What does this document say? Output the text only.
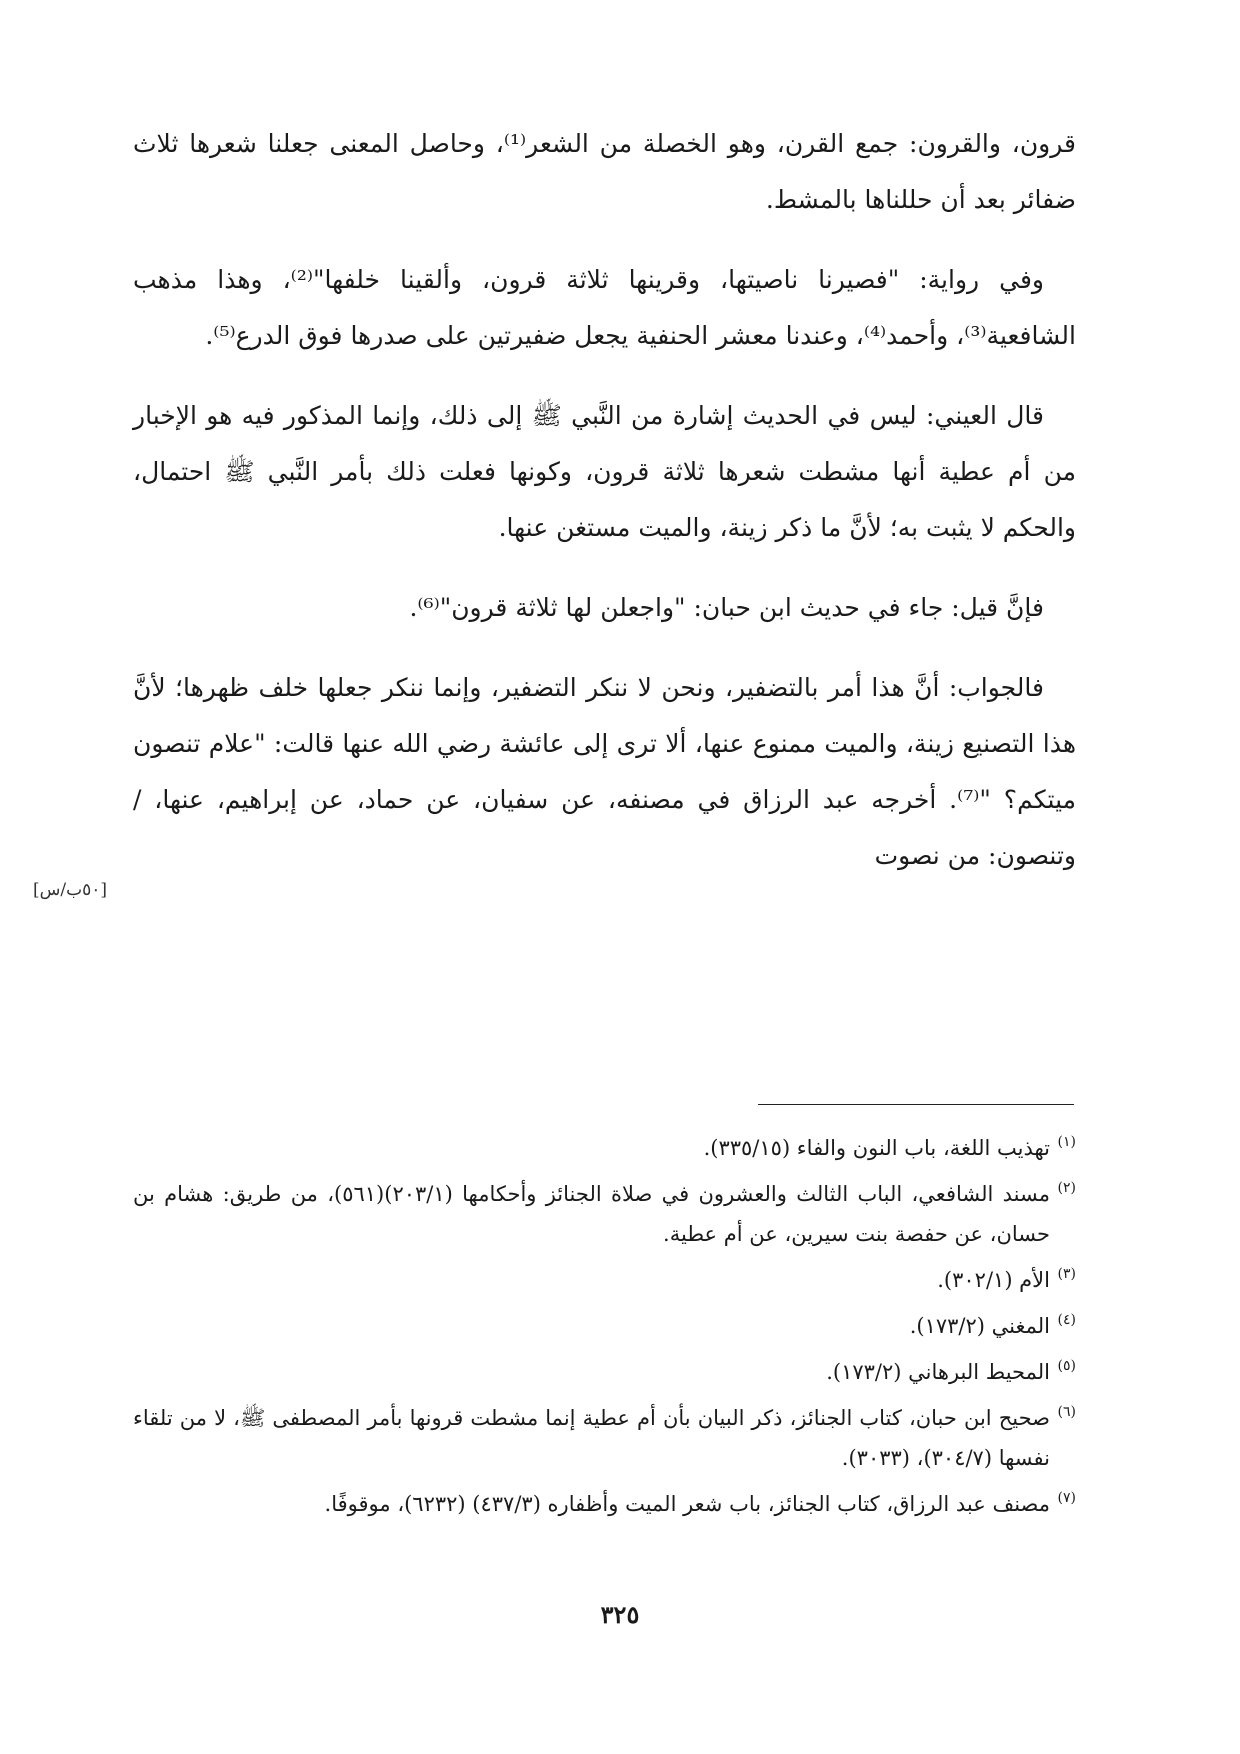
قرون، والقرون: جمع القرن، وهو الخصلة من الشعر⁽¹⁾، وحاصل المعنى جعلنا شعرها ثلاث ضفائر بعد أن حللناها بالمشط.

وفي رواية: "فصيرنا ناصيتها، وقرينها ثلاثة قرون، وألقينا خلفها"⁽²⁾، وهذا مذهب الشافعية⁽³⁾، وأحمد⁽⁴⁾، وعندنا معشر الحنفية يجعل ضفيرتين على صدرها فوق الدرع⁽⁵⁾.

قال العيني: ليس في الحديث إشارة من النَّبي ﷺ إلى ذلك، وإنما المذكور فيه هو الإخبار من أم عطية أنها مشطت شعرها ثلاثة قرون، وكونها فعلت ذلك بأمر النَّبي ﷺ احتمال، والحكم لا يثبت به؛ لأنَّ ما ذكر زينة، والميت مستغن عنها.

فإنَّ قيل: جاء في حديث ابن حبان: "واجعلن لها ثلاثة قرون"⁽⁶⁾.

فالجواب: أنَّ هذا أمر بالتضفير، ونحن لا ننكر التضفير، وإنما ننكر جعلها خلف ظهرها؛ لأنَّ هذا التصنيع زينة، والميت ممنوع عنها، ألا ترى إلى عائشة رضي الله عنها قالت: "علام تنصون ميتكم؟ "⁽⁷⁾. أخرجه عبد الرزاق في مصنفه، عن سفيان، عن حماد، عن إبراهيم، عنها، /وتنصون: من نصوت

[٥٠ب/س]
(١)
تهذيب اللغة، باب النون والفاء (٣٣٥/١٥).
(٢)
مسند الشافعي، الباب الثالث والعشرون في صلاة الجنائز وأحكامها (٢٠٣/١)(٥٦١)، من طريق: هشام بن حسان، عن حفصة بنت سيرين، عن أم عطية.
(٣)
الأم (٣٠٢/١).
(٤)
المغني (١٧٣/٢).
(٥)
المحيط البرهاني (١٧٣/٢).
(٦)
صحيح ابن حبان، كتاب الجنائز، ذكر البيان بأن أم عطية إنما مشطت قرونها بأمر المصطفى ﷺ، لا من تلقاء نفسها (٣٠٤/٧)، (٣٠٣٣).
(٧)
مصنف عبد الرزاق، كتاب الجنائز، باب شعر الميت وأظفاره (٤٣٧/٣) (٦٢٣٢)، موقوفًا.
٣٢٥
